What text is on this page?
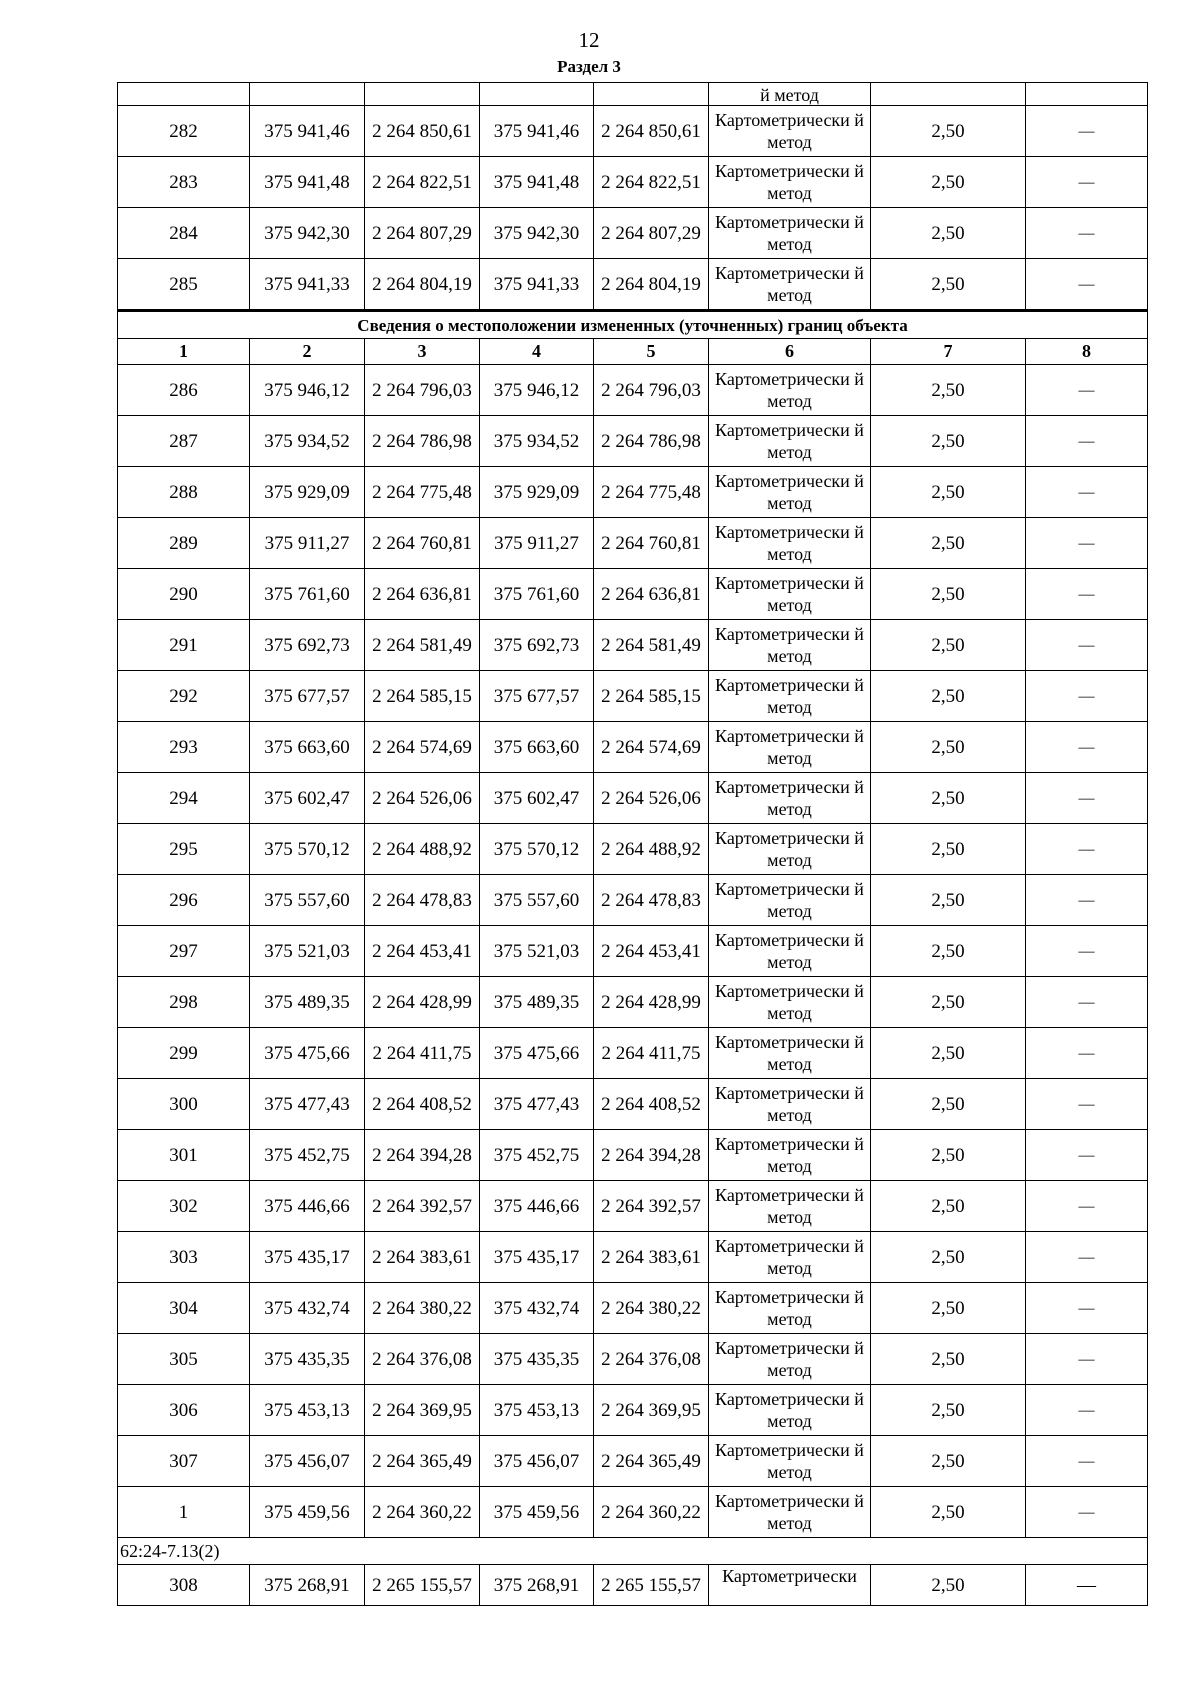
12
Раздел 3
					й метод		
282	375 941,46	2 264 850,61	375 941,46	2 264 850,61	Картометрически й метод	2,50	—
283	375 941,48	2 264 822,51	375 941,48	2 264 822,51	Картометрически й метод	2,50	—
284	375 942,30	2 264 807,29	375 942,30	2 264 807,29	Картометрически й метод	2,50	—
285	375 941,33	2 264 804,19	375 941,33	2 264 804,19	Картометрически й метод	2,50	—
Сведения о местоположении измененных (уточненных) границ объекта							
1	2	3	4	5	6	7	8
286	375 946,12	2 264 796,03	375 946,12	2 264 796,03	Картометрически й метод	2,50	—
287	375 934,52	2 264 786,98	375 934,52	2 264 786,98	Картометрически й метод	2,50	—
288	375 929,09	2 264 775,48	375 929,09	2 264 775,48	Картометрически й метод	2,50	—
289	375 911,27	2 264 760,81	375 911,27	2 264 760,81	Картометрически й метод	2,50	—
290	375 761,60	2 264 636,81	375 761,60	2 264 636,81	Картометрически й метод	2,50	—
291	375 692,73	2 264 581,49	375 692,73	2 264 581,49	Картометрически й метод	2,50	—
292	375 677,57	2 264 585,15	375 677,57	2 264 585,15	Картометрически й метод	2,50	—
293	375 663,60	2 264 574,69	375 663,60	2 264 574,69	Картометрически й метод	2,50	—
294	375 602,47	2 264 526,06	375 602,47	2 264 526,06	Картометрически й метод	2,50	—
295	375 570,12	2 264 488,92	375 570,12	2 264 488,92	Картометрически й метод	2,50	—
296	375 557,60	2 264 478,83	375 557,60	2 264 478,83	Картометрически й метод	2,50	—
297	375 521,03	2 264 453,41	375 521,03	2 264 453,41	Картометрически й метод	2,50	—
298	375 489,35	2 264 428,99	375 489,35	2 264 428,99	Картометрически й метод	2,50	—
299	375 475,66	2 264 411,75	375 475,66	2 264 411,75	Картометрически й метод	2,50	—
300	375 477,43	2 264 408,52	375 477,43	2 264 408,52	Картометрически й метод	2,50	—
301	375 452,75	2 264 394,28	375 452,75	2 264 394,28	Картометрически й метод	2,50	—
302	375 446,66	2 264 392,57	375 446,66	2 264 392,57	Картометрически й метод	2,50	—
303	375 435,17	2 264 383,61	375 435,17	2 264 383,61	Картометрически й метод	2,50	—
304	375 432,74	2 264 380,22	375 432,74	2 264 380,22	Картометрически й метод	2,50	—
305	375 435,35	2 264 376,08	375 435,35	2 264 376,08	Картометрически й метод	2,50	—
306	375 453,13	2 264 369,95	375 453,13	2 264 369,95	Картометрически й метод	2,50	—
307	375 456,07	2 264 365,49	375 456,07	2 264 365,49	Картометрически й метод	2,50	—
1	375 459,56	2 264 360,22	375 459,56	2 264 360,22	Картометрически й метод	2,50	—
62:24-7.13(2)							
308	375 268,91	2 265 155,57	375 268,91	2 265 155,57	Картометрически	2,50	—
